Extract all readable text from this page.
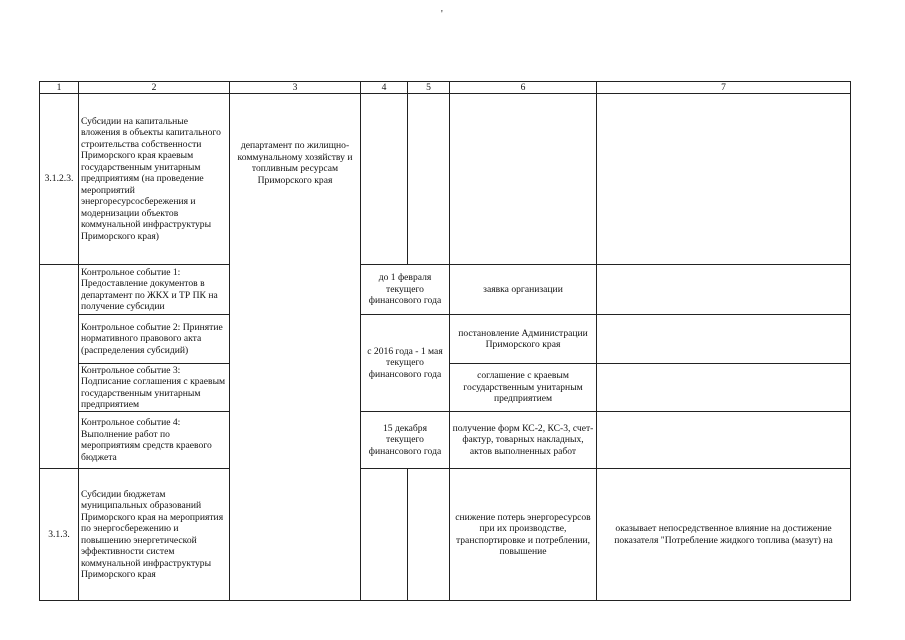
'
1	2	3	4	5	6	7
3.1.2.3.	Субсидии на капитальные вложения в объекты капитального строительства собственности Приморского края краевым государственным унитарным предприятиям (на проведение мероприятий энергоресурсосбережения и модернизации объектов коммунальной инфраструктуры Приморского края)	департамент по жилищно-коммунальному хозяйству и топливным ресурсам Приморского края				
	Контрольное событие 1: Предоставление документов в департамент по ЖКХ и ТР ПК на получение субсидии		до 1 февраля текущего финансового года		заявка организации	
	Контрольное событие 2: Принятие нормативного правового акта (распределения субсидий)		с 2016 года - 1 мая текущего финансового года		постановление Администрации Приморского края	
	Контрольное событие 3: Подписание соглашения с краевым государственным унитарным предприятием				соглашение с краевым государственным унитарным предприятием	
	Контрольное событие 4: Выполнение работ по мероприятиям средств краевого бюджета		15 декабря текущего финансового года		получение форм КС-2, КС-3, счет-фактур, товарных накладных, актов выполненных работ	
3.1.3.	Субсидии бюджетам муниципальных образований Приморского края на мероприятия по энергосбережению и повышению энергетической эффективности систем коммунальной инфраструктуры Приморского края				снижение потерь энергоресурсов при их производстве, транспортировке и потреблении, повышение	оказывает непосредственное влияние на достижение показателя "Потребление жидкого топлива (мазут) на
